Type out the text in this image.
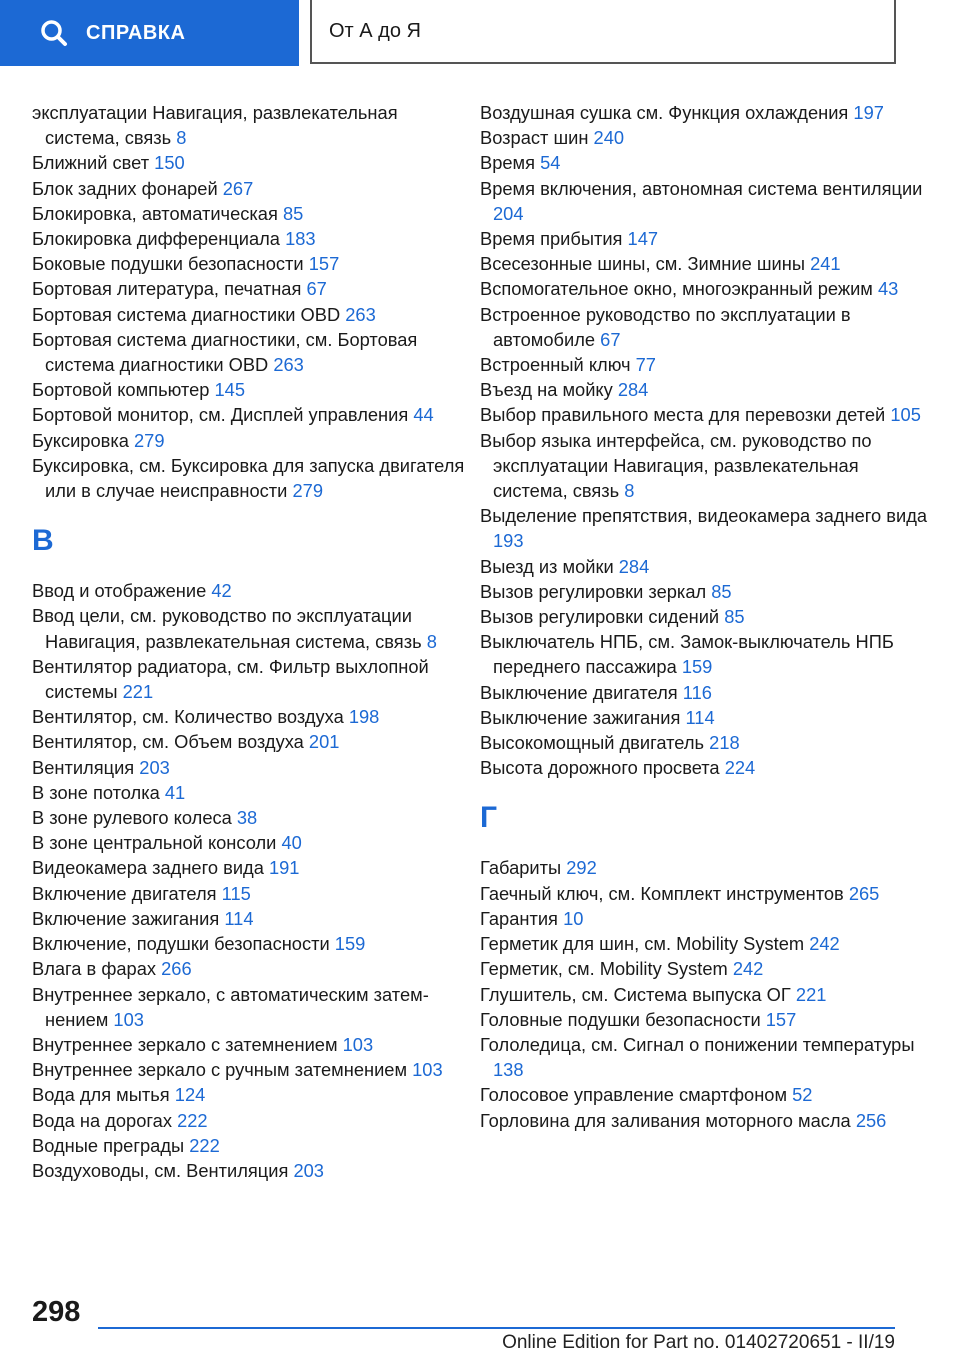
СПРАВКА	От А до Я
эксплуатации Навигация, развлекательная система, связь 8
Ближний свет 150
Блок задних фонарей 267
Блокировка, автоматическая 85
Блокировка дифференциала 183
Боковые подушки безопасности 157
Бортовая литература, печатная 67
Бортовая система диагностики OBD 263
Бортовая система диагностики, см. Бортовая система диагностики OBD 263
Бортовой компьютер 145
Бортовой монитор, см. Дисплей управления 44
Буксировка 279
Буксировка, см. Буксировка для запуска двигателя или в случае неисправности 279
В
Ввод и отображение 42
Ввод цели, см. руководство по эксплуатации Навигация, развлекательная система, связь 8
Вентилятор радиатора, см. Фильтр выхлопной системы 221
Вентилятор, см. Количество воздуха 198
Вентилятор, см. Объем воздуха 201
Вентиляция 203
В зоне потолка 41
В зоне рулевого колеса 38
В зоне центральной консоли 40
Видеокамера заднего вида 191
Включение двигателя 115
Включение зажигания 114
Включение, подушки безопасности 159
Влага в фарах 266
Внутреннее зеркало, с автоматическим затемнением 103
Внутреннее зеркало с затемнением 103
Внутреннее зеркало с ручным затемнением 103
Вода для мытья 124
Вода на дорогах 222
Водные преграды 222
Воздуховоды, см. Вентиляция 203
Воздушная сушка см. Функция охлаждения 197
Возраст шин 240
Время 54
Время включения, автономная система вентиляции 204
Время прибытия 147
Всесезонные шины, см. Зимние шины 241
Вспомогательное окно, многоэкранный режим 43
Встроенное руководство по эксплуатации в автомобиле 67
Встроенный ключ 77
Въезд на мойку 284
Выбор правильного места для перевозки детей 105
Выбор языка интерфейса, см. руководство по эксплуатации Навигация, развлекательная система, связь 8
Выделение препятствия, видеокамера заднего вида 193
Выезд из мойки 284
Вызов регулировки зеркал 85
Вызов регулировки сидений 85
Выключатель НПБ, см. Замок-выключатель НПБ переднего пассажира 159
Выключение двигателя 116
Выключение зажигания 114
Высокомощный двигатель 218
Высота дорожного просвета 224
Г
Габариты 292
Гаечный ключ, см. Комплект инструментов 265
Гарантия 10
Герметик для шин, см. Mobility System 242
Герметик, см. Mobility System 242
Глушитель, см. Система выпуска ОГ 221
Головные подушки безопасности 157
Гололедица, см. Сигнал о понижении температуры 138
Голосовое управление смартфоном 52
Горловина для заливания моторного масла 256
298
Online Edition for Part no. 01402720651 - II/19
